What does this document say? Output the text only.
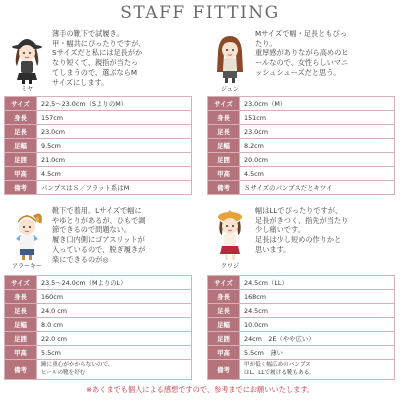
STAFF FITTING
ミヤ
薄手の靴下で試履き。
甲・幅共にぴったりですが、
Sサイズだと私には足長がか
なり短くて、親指が当たっ
てしまうので、選ぶならM
サイズにします。
サイズ	22.5～23.0cm（SよりのM）
身長	157cm
足長	23.0cm
足幅	9.5cm
足囲	21.0cm
甲高	4.5cm
備考	パンプスはＳ／フラット系はM
ジュン
Mサイズで幅・足長ともぴっ
たり。
重厚感がありながら高めのヒ
ールなので、女性らしいマニ
ッシュシューズだと思う。
サイズ	23.0cm（M）
身長	151cm
足長	23.0cm
足幅	8.2cm
足囲	20.0cm
甲高	4.5cm
備考	Ｓサイズのパンプスだとキツイ
アラーキー
靴下で着用。Lサイズで幅に
やゆとりがあるが、ひもで調
節できるので問題ない。
履き口内側にゴアスリットが
入っているので、脱ぎ履きが
楽にできるのが◎
サイズ	23.5～24.0cm（MよりのL）
身長	160cm
足長	24.0 cm
足幅	8.0 cm
足囲	22.0 cm
甲高	5.5cm
備考	踵に重心がかからないので、
ヒールの靴を好む
クワジ
幅はLLでぴったりですが、
足長がきつく、指先が当たり
少し痛いです。
足長は少し短めの作りかと
思います。
サイズ	24.5cm（LL）
身長	168cm
足長	24.5cm
足幅	10.0cm
足囲	24cm　2E（やや広い）
甲高	5.5cm　薄い
備考	甲が低く幅広めのパンプス
はL、LLで履ける靴もある。
※あくまでも個人による感想ですので、参考までにお願いいたします。
